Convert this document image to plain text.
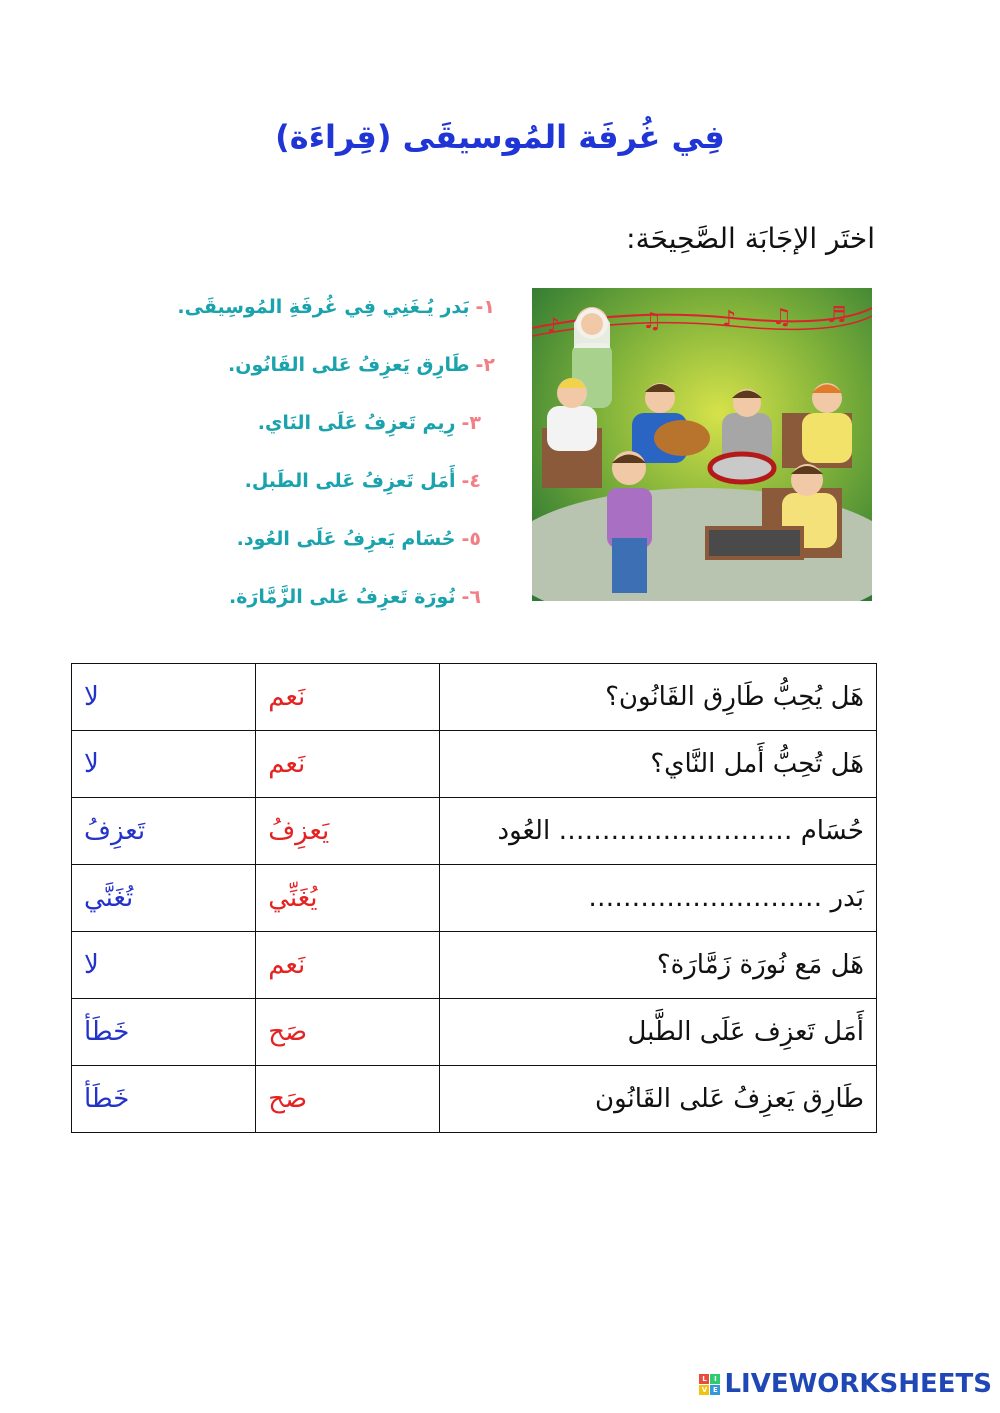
فِي غُرفَة المُوسيقَى (قِراءَة)
اختَر الإجَابَة الصَّحِيحَة:
١-بَدر يُـغَنِي فِي غُرفَةِ المُوسِيقَى.
٢-طَارِق يَعزِفُ عَلى القَانُون.
٣-رِيم تَعزِفُ عَلَى النَاي.
٤-أَمَل تَعزِفُ عَلى الطَبل.
٥-حُسَام يَعزِفُ عَلَى العُود.
٦-نُورَة تَعزِفُ عَلى الزَّمَّارَة.
♫	♪ ♫ ♬
♪
هَل يُحِبُّ طَارِق القَانُون؟	نَعم	لا
هَل تُحِبُّ أَمل النَّاي؟	نَعم	لا
حُسَام ……………………… العُود	يَعزِفُ	تَعزِفُ
بَدر ………………………	يُغَنِّي	تُغَنَّي
هَل مَع نُورَة زَمَّارَة؟	نَعم	لا
أَمَل تَعزِف عَلَى الطَّبل	صَح	خَطَأ
طَارِق يَعزِفُ عَلى القَانُون	صَح	خَطَأ
L	I
V E LIVEWORKSHEETS
